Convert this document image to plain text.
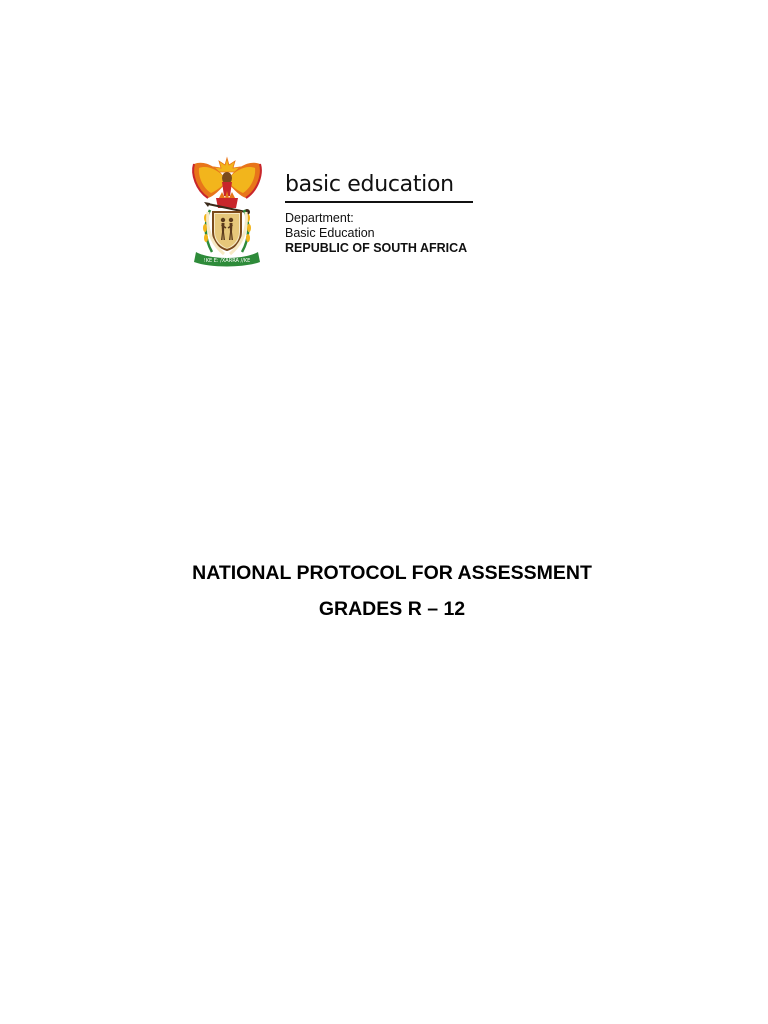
!KE E: /XARRA //KE
basic education
Department:
Basic Education
REPUBLIC OF SOUTH AFRICA
NATIONAL PROTOCOL FOR ASSESSMENT
GRADES R – 12
